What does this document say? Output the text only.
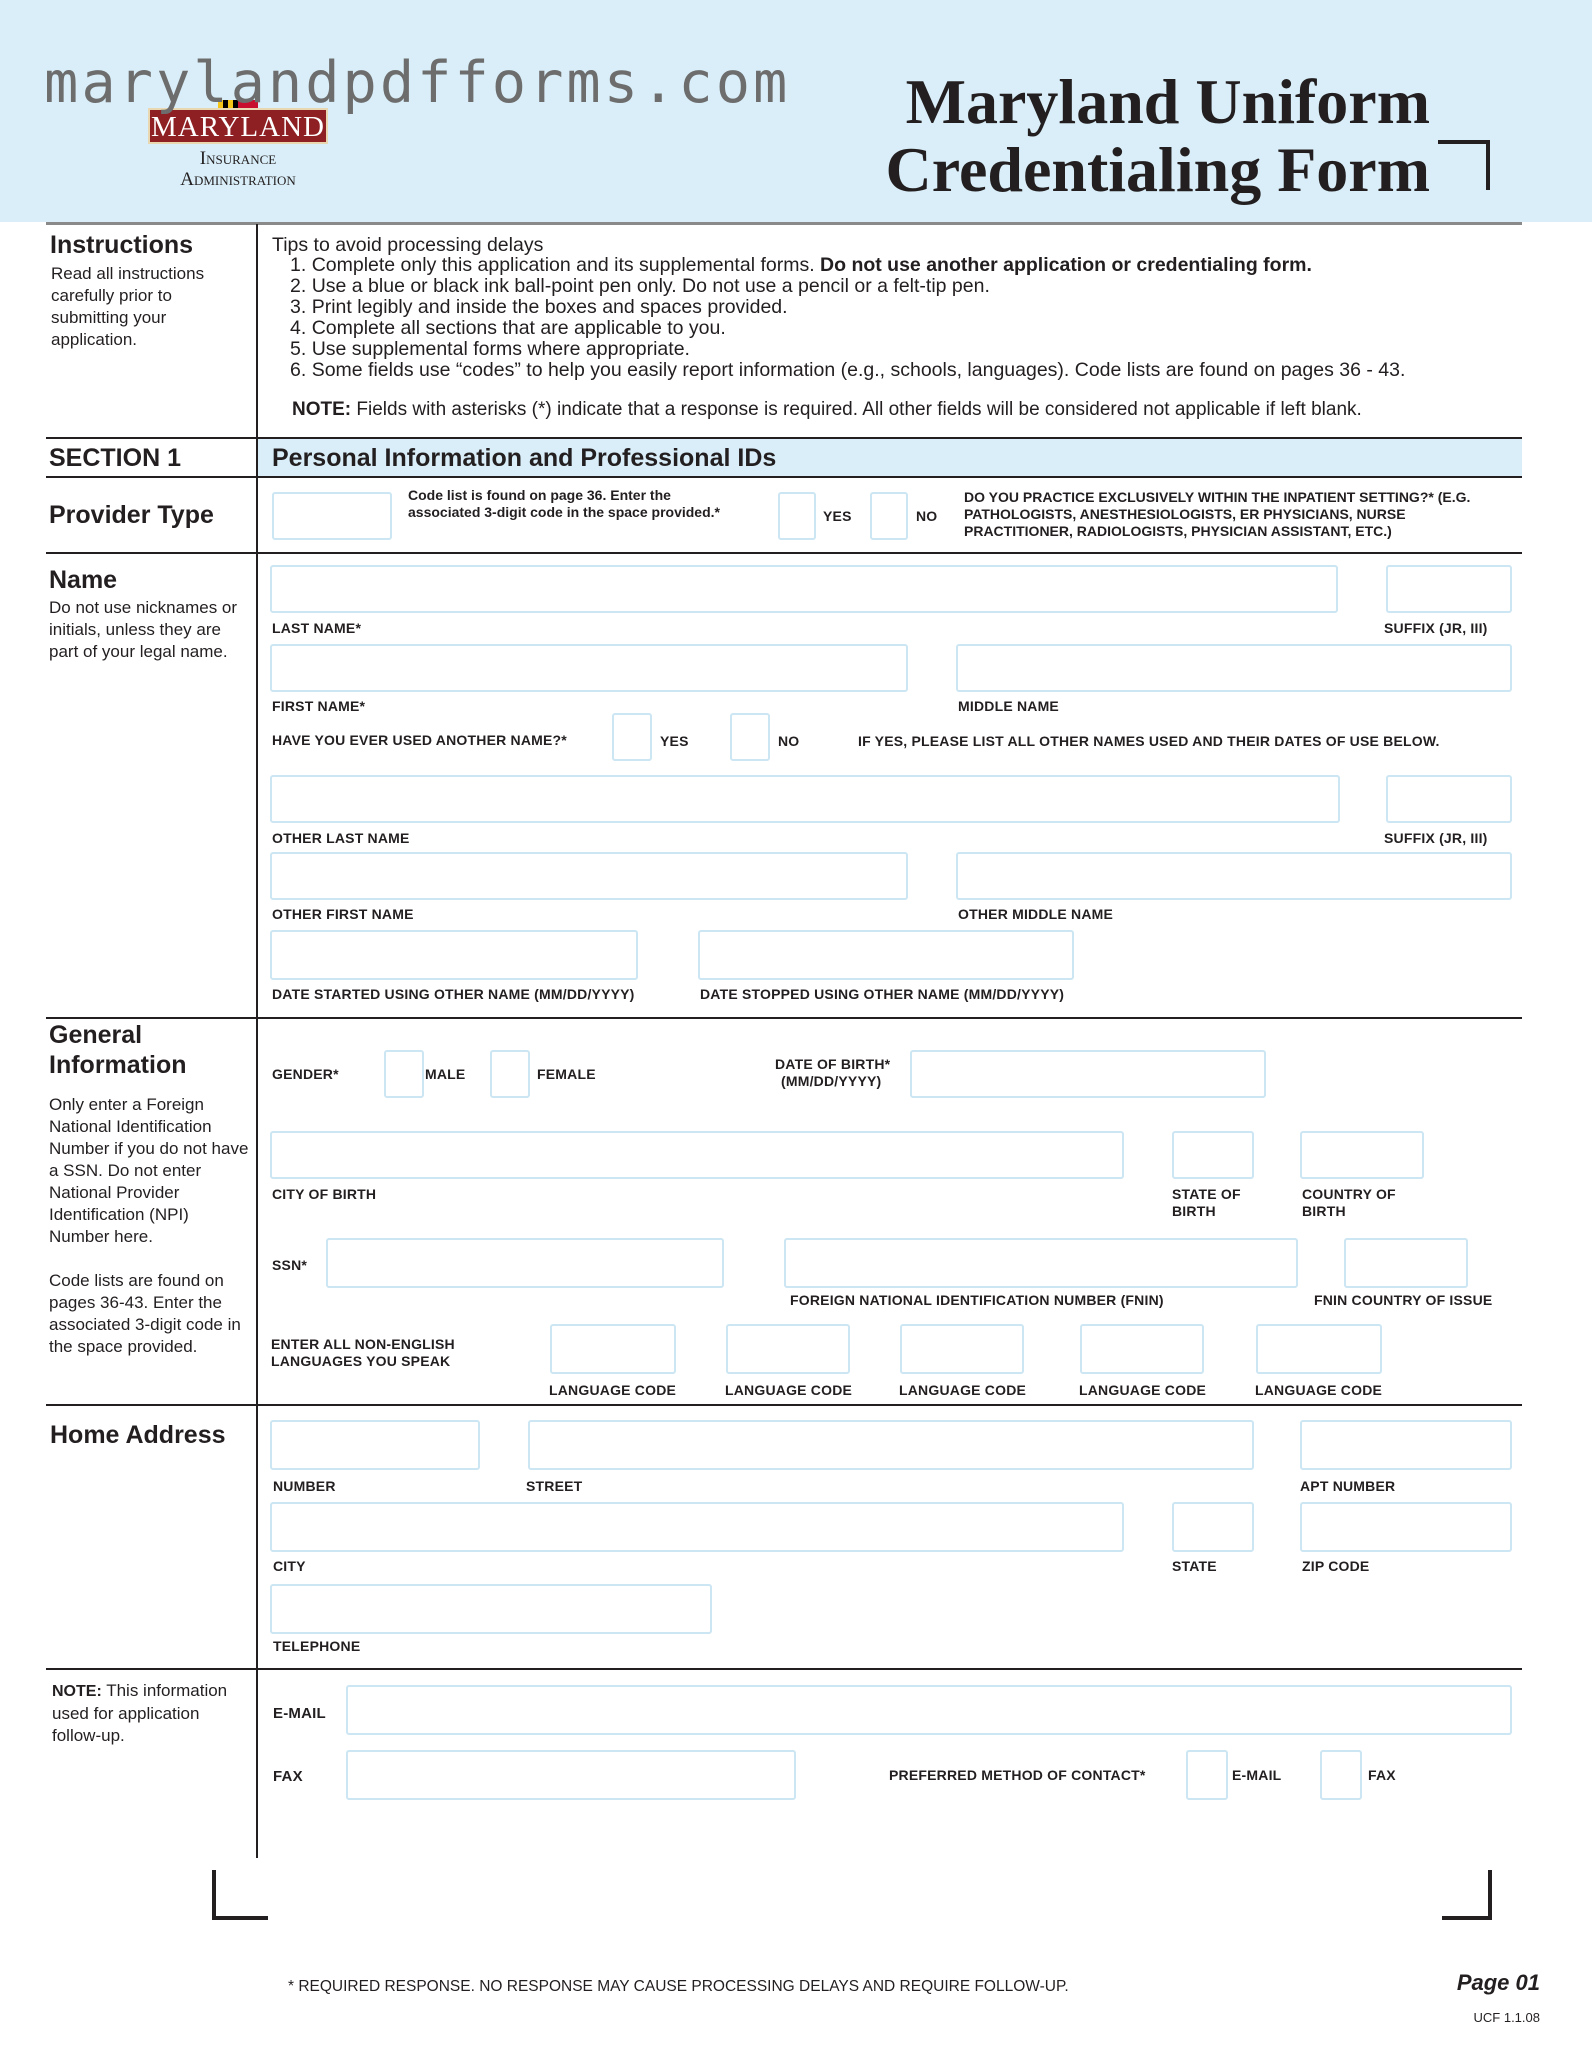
marylandpdfforms.com
MARYLAND
Insurance
Administration
Maryland Uniform
Credentialing Form
Instructions
Read all instructions carefully prior to submitting your application.
Tips to avoid processing delays
1. Complete only this application and its supplemental forms. Do not use another application or credentialing form.
2. Use a blue or black ink ball-point pen only. Do not use a pencil or a felt-tip pen.
3. Print legibly and inside the boxes and spaces provided.
4. Complete all sections that are applicable to you.
5. Use supplemental forms where appropriate.
6. Some fields use “codes” to help you easily report information (e.g., schools, languages). Code lists are found on pages 36 - 43.
NOTE: Fields with asterisks (*) indicate that a response is required. All other fields will be considered not applicable if left blank.
SECTION 1	Personal Information and Professional IDs
Provider Type
Code list is found on page 36. Enter the associated 3-digit code in the space provided.*	YES	NO
DO YOU PRACTICE EXCLUSIVELY WITHIN THE INPATIENT SETTING?* (E.G. PATHOLOGISTS, ANESTHESIOLOGISTS, ER PHYSICIANS, NURSE PRACTITIONER, RADIOLOGISTS, PHYSICIAN ASSISTANT, ETC.)
Name
Do not use nicknames or initials, unless they are part of your legal name.
LAST NAME*	SUFFIX (JR, III)
FIRST NAME*	MIDDLE NAME
HAVE YOU EVER USED ANOTHER NAME?*	YES	NO	IF YES, PLEASE LIST ALL OTHER NAMES USED AND THEIR DATES OF USE BELOW.
OTHER LAST NAME	SUFFIX (JR, III)
OTHER FIRST NAME	OTHER MIDDLE NAME
DATE STARTED USING OTHER NAME (MM/DD/YYYY)	DATE STOPPED USING OTHER NAME (MM/DD/YYYY)
General
Information
Only enter a Foreign National Identification Number if you do not have a SSN. Do not enter National Provider Identification (NPI) Number here.
Code lists are found on pages 36-43. Enter the associated 3-digit code in the space provided.
GENDER*	MALE	FEMALE
DATE OF BIRTH*
(MM/DD/YYYY)
CITY OF BIRTH	STATE OF
BIRTH
COUNTRY OF
BIRTH
SSN*
FOREIGN NATIONAL IDENTIFICATION NUMBER (FNIN)	FNIN COUNTRY OF ISSUE
ENTER ALL NON-ENGLISH
LANGUAGES YOU SPEAK
LANGUAGE CODE	LANGUAGE CODE	LANGUAGE CODE	LANGUAGE CODE	LANGUAGE CODE
Home Address
NUMBER	STREET	APT NUMBER
CITY	STATE	ZIP CODE
TELEPHONE
NOTE: This information used for application follow-up.
E-MAIL
FAX	PREFERRED METHOD OF CONTACT*	E-MAIL	FAX
* REQUIRED RESPONSE. NO RESPONSE MAY CAUSE PROCESSING DELAYS AND REQUIRE FOLLOW-UP.	Page 01
UCF 1.1.08
